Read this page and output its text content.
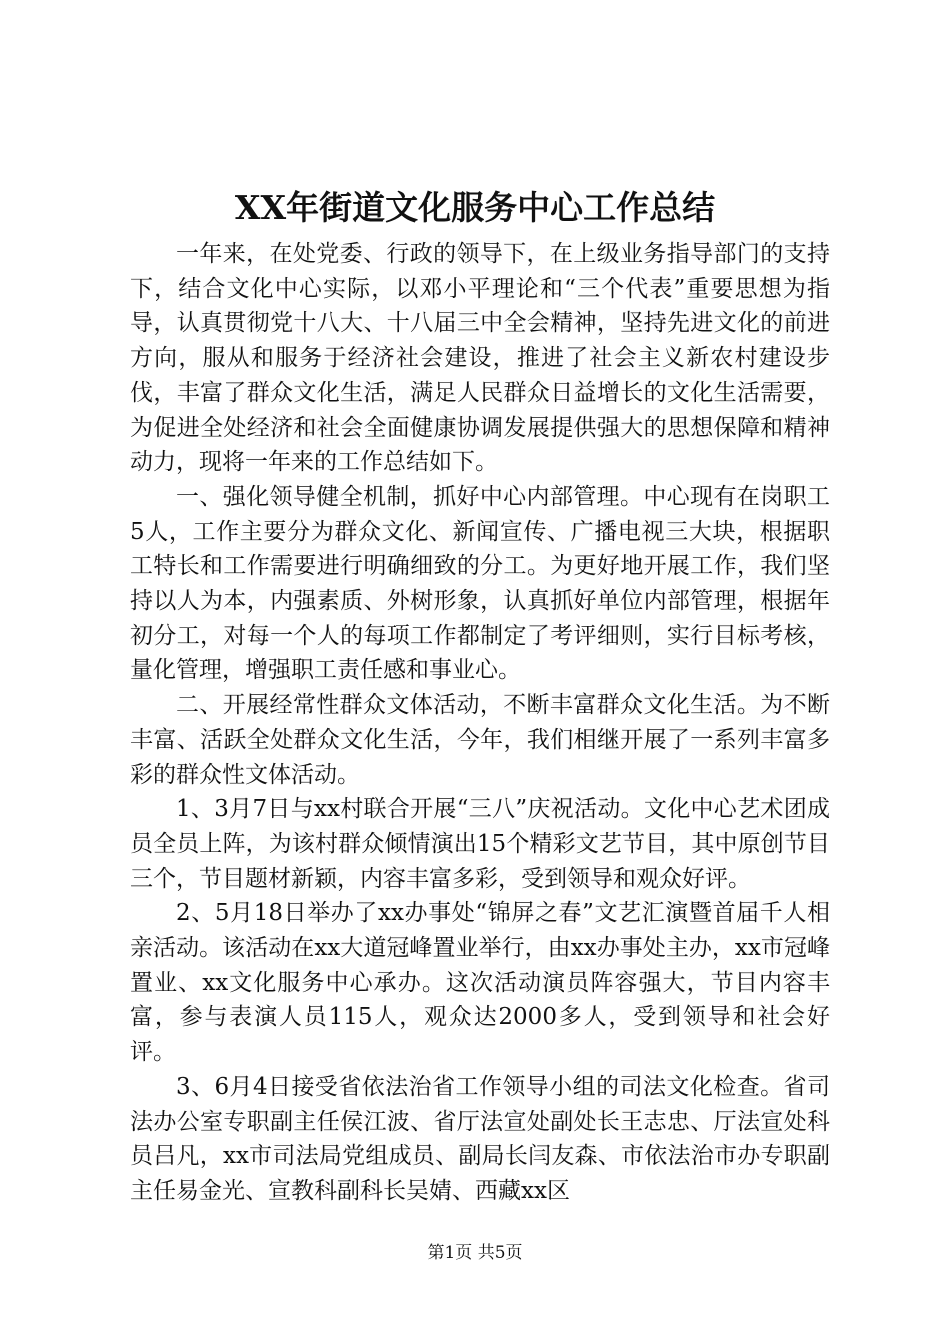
XX年街道文化服务中心工作总结

一年来，在处党委、行政的领导下，在上级业务指导部门的支持下，结合文化中心实际，以邓小平理论和“三个代表”重要思想为指导，认真贯彻党十八大、十八届三中全会精神，坚持先进文化的前进方向，服从和服务于经济社会建设，推进了社会主义新农村建设步伐，丰富了群众文化生活，满足人民群众日益增长的文化生活需要，为促进全处经济和社会全面健康协调发展提供强大的思想保障和精神动力，现将一年来的工作总结如下。

一、强化领导健全机制，抓好中心内部管理。中心现有在岗职工5人，工作主要分为群众文化、新闻宣传、广播电视三大块，根据职工特长和工作需要进行明确细致的分工。为更好地开展工作，我们坚持以人为本，内强素质、外树形象，认真抓好单位内部管理，根据年初分工，对每一个人的每项工作都制定了考评细则，实行目标考核，量化管理，增强职工责任感和事业心。

二、开展经常性群众文体活动，不断丰富群众文化生活。为不断丰富、活跃全处群众文化生活，今年，我们相继开展了一系列丰富多彩的群众性文体活动。

1、3月7日与xx村联合开展“三八”庆祝活动。文化中心艺术团成员全员上阵，为该村群众倾情演出15个精彩文艺节目，其中原创节目三个，节目题材新颖，内容丰富多彩，受到领导和观众好评。

2、5月18日举办了xx办事处“锦屏之春”文艺汇演暨首届千人相亲活动。该活动在xx大道冠峰置业举行，由xx办事处主办，xx市冠峰置业、xx文化服务中心承办。这次活动演员阵容强大，节目内容丰富，参与表演人员115人，观众达2000多人，受到领导和社会好评。

3、6月4日接受省依法治省工作领导小组的司法文化检查。省司法办公室专职副主任侯江波、省厅法宣处副处长王志忠、厅法宣处科员吕凡，xx市司法局党组成员、副局长闫友森、市依法治市办专职副主任易金光、宣教科副科长吴婧、西藏xx区

第1页 共5页
